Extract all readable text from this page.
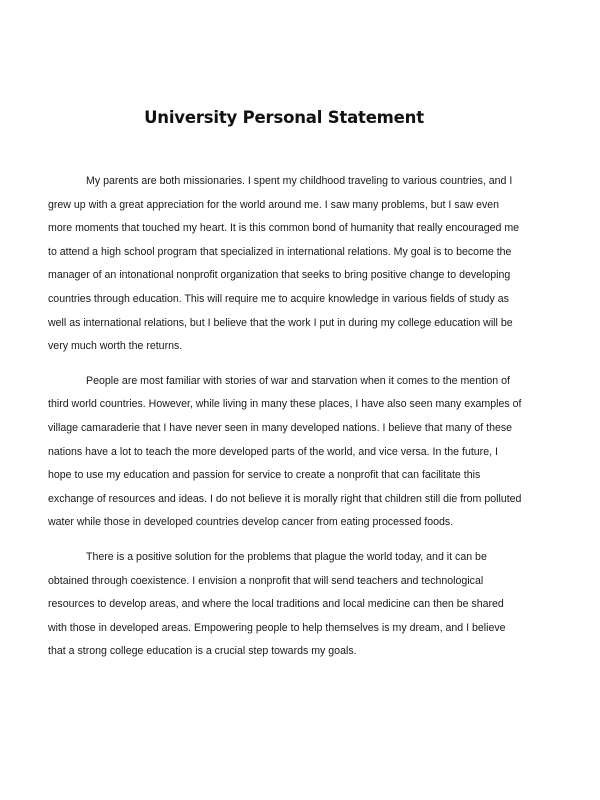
University Personal Statement

My parents are both missionaries. I spent my childhood traveling to various countries, and I grew up with a great appreciation for the world around me. I saw many problems, but I saw even more moments that touched my heart. It is this common bond of humanity that really encouraged me to attend a high school program that specialized in international relations. My goal is to become the manager of an intonational nonprofit organization that seeks to bring positive change to developing countries through education. This will require me to acquire knowledge in various fields of study as well as international relations, but I believe that the work I put in during my college education will be very much worth the returns.

People are most familiar with stories of war and starvation when it comes to the mention of third world countries. However, while living in many these places, I have also seen many examples of village camaraderie that I have never seen in many developed nations. I believe that many of these nations have a lot to teach the more developed parts of the world, and vice versa. In the future, I hope to use my education and passion for service to create a nonprofit that can facilitate this exchange of resources and ideas. I do not believe it is morally right that children still die from polluted water while those in developed countries develop cancer from eating processed foods.

There is a positive solution for the problems that plague the world today, and it can be obtained through coexistence. I envision a nonprofit that will send teachers and technological resources to develop areas, and where the local traditions and local medicine can then be shared with those in developed areas. Empowering people to help themselves is my dream, and I believe that a strong college education is a crucial step towards my goals.
